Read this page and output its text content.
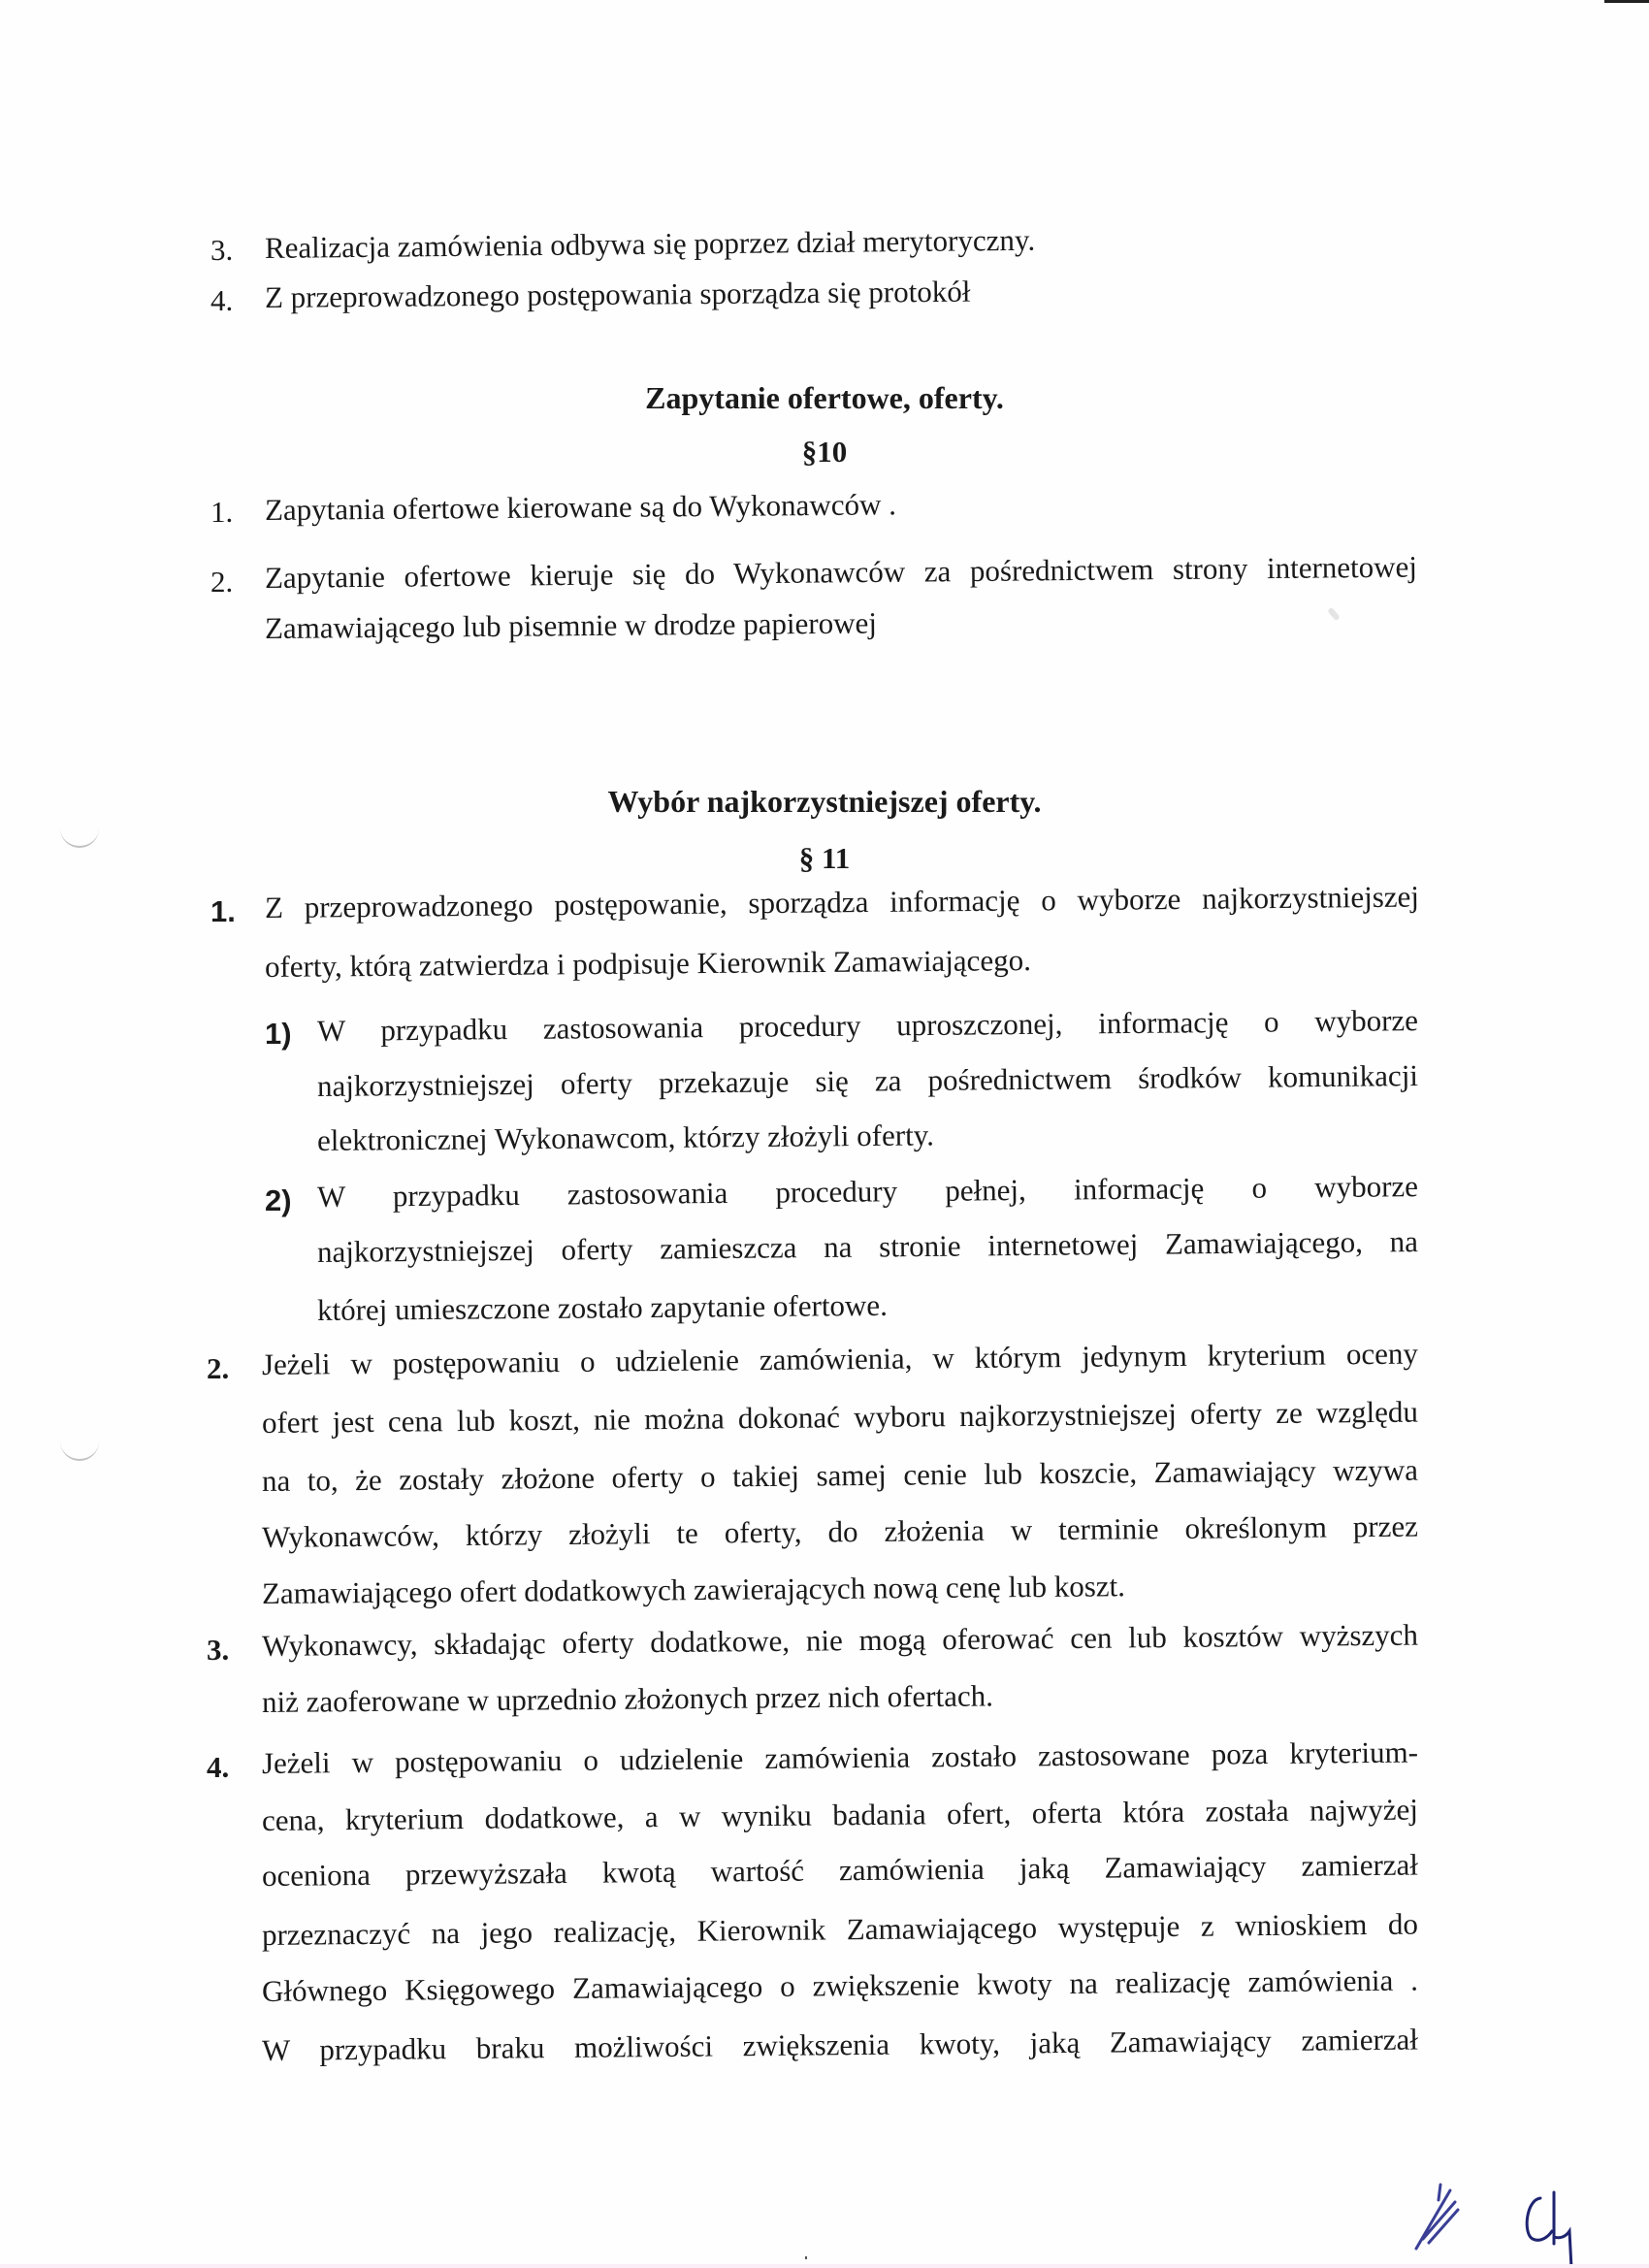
3. Realizacja zamówienia odbywa się poprzez dział merytoryczny.
4. Z przeprowadzonego postępowania sporządza się protokół
Zapytanie ofertowe, oferty.
§10
1. Zapytania ofertowe kierowane są do Wykonawców .
2. Zapytanie ofertowe kieruje się do Wykonawców za pośrednictwem strony internetowej
Zamawiającego lub pisemnie w drodze papierowej
Wybór najkorzystniejszej oferty.
§ 11
1. Z przeprowadzonego postępowanie, sporządza informację o wyborze najkorzystniejszej
oferty, którą zatwierdza i podpisuje Kierownik Zamawiającego.
1) W przypadku zastosowania procedury uproszczonej, informację o wyborze
najkorzystniejszej oferty przekazuje się za pośrednictwem środków komunikacji
elektronicznej Wykonawcom, którzy złożyli oferty.
2) W przypadku zastosowania procedury pełnej, informację o wyborze
najkorzystniejszej oferty zamieszcza na stronie internetowej Zamawiającego, na
której umieszczone zostało zapytanie ofertowe.
2. Jeżeli w postępowaniu o udzielenie zamówienia, w którym jedynym kryterium oceny
ofert jest cena lub koszt, nie można dokonać wyboru najkorzystniejszej oferty ze względu
na to, że zostały złożone oferty o takiej samej cenie lub koszcie, Zamawiający wzywa
Wykonawców, którzy złożyli te oferty, do złożenia w terminie określonym przez
Zamawiającego ofert dodatkowych zawierających nową cenę lub koszt.
3. Wykonawcy, składając oferty dodatkowe, nie mogą oferować cen lub kosztów wyższych
niż zaoferowane w uprzednio złożonych przez nich ofertach.
4. Jeżeli w postępowaniu o udzielenie zamówienia zostało zastosowane poza kryterium-
cena, kryterium dodatkowe, a w wyniku badania ofert, oferta która została najwyżej
oceniona przewyższała kwotą wartość zamówienia jaką Zamawiający zamierzał
przeznaczyć na jego realizację, Kierownik Zamawiającego występuje z wnioskiem do
Głównego Księgowego Zamawiającego o zwiększenie kwoty na realizację zamówienia .
W przypadku braku możliwości zwiększenia kwoty, jaką Zamawiający zamierzał
